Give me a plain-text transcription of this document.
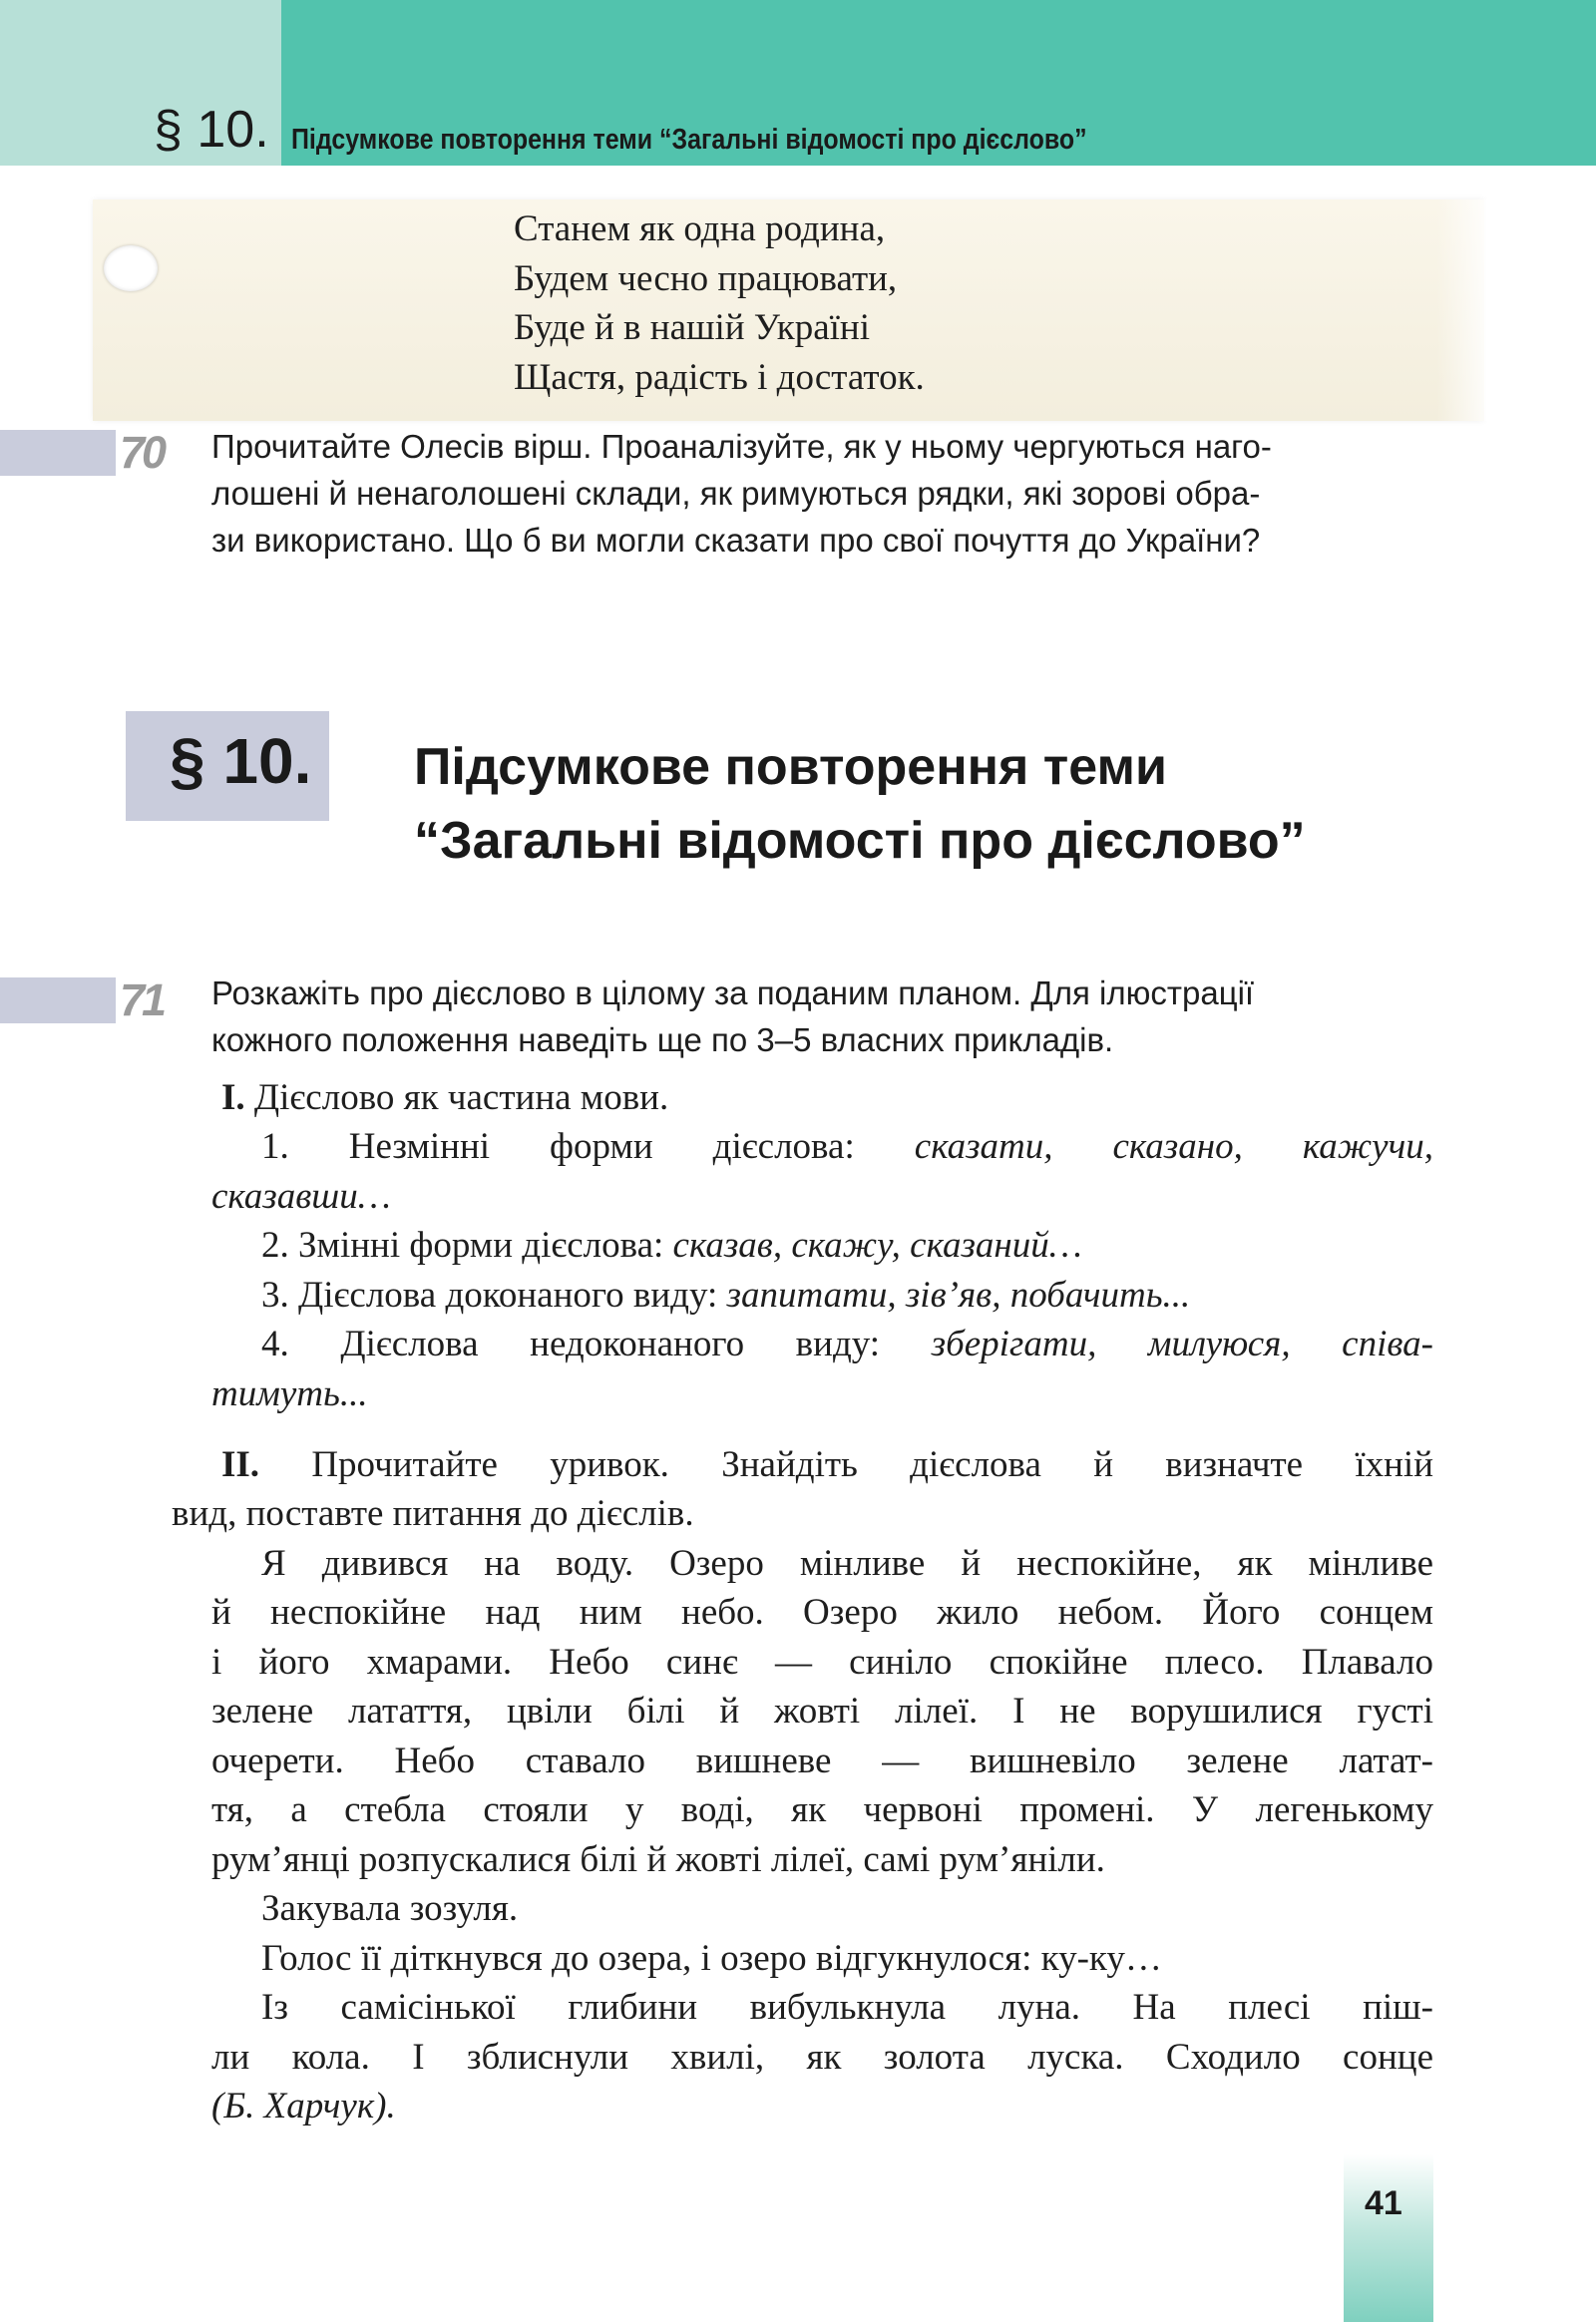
§ 10. Підсумкове повторення теми “Загальні відомості про дієслово”
Станем як одна родина,
Будем чесно працювати,
Буде й в нашій Україні
Щастя, радість і достаток.
70 Прочитайте Олесів вірш. Проаналізуйте, як у ньому чергуються наго-
лошені й ненаголошені склади, як римуються рядки, які зорові обра-
зи використано. Що б ви могли сказати про свої почуття до України?
§ 10. Підсумкове повторення теми
“Загальні відомості про дієслово”
71 Розкажіть про дієслово в цілому за поданим планом. Для ілюстрації
кожного положення наведіть ще по 3–5 власних прикладів.
І. Дієслово як частина мови.
1. Незмінні форми дієслова: сказати, сказано, кажучи,
сказавши…
2. Змінні форми дієслова: сказав, скажу, сказаний…
3. Дієслова доконаного виду: запитати, зів’яв, побачить...
4. Дієслова недоконаного виду: зберігати, милуюся, співа-
тимуть...
ІІ. Прочитайте уривок. Знайдіть дієслова й визначте їхній
вид, поставте питання до дієслів.
Я дивився на воду. Озеро мінливе й неспокійне, як мінливе
й неспокійне над ним небо. Озеро жило небом. Його сонцем
і його хмарами. Небо синє — синіло спокійне плесо. Плавало
зелене латаття, цвіли білі й жовті лілеї. І не ворушилися густі
очерети. Небо ставало вишневе — вишневіло зелене латат-
тя, а стебла стояли у воді, як червоні промені. У легенькому
рум’янці розпускалися білі й жовті лілеї, самі рум’яніли.
Закувала зозуля.
Голос її діткнувся до озера, і озеро відгукнулося: ку-ку…
Із самісінької глибини вибулькнула луна. На плесі піш-
ли кола. І зблиснули хвилі, як золота луска. Сходило сонце
(Б. Харчук).
41
